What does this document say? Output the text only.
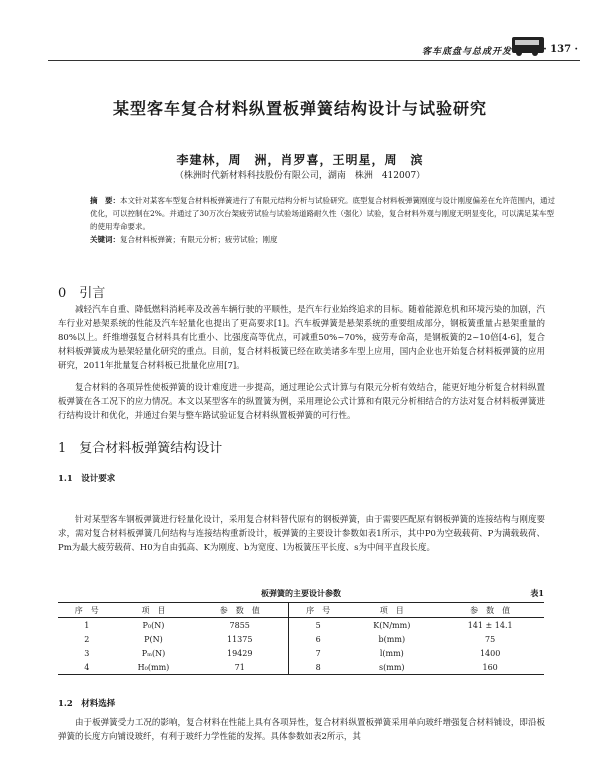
客车底盘与总成开发	· 137 ·
某型客车复合材料纵置板弹簧结构设计与试验研究
李建林，周　洲，肖罗喜，王明星，周　滨
（株洲时代新材料科技股份有限公司，湖南　株洲　412007）
摘　要：本文针对某客车型复合材料板弹簧进行了有限元结构分析与试验研究。底型复合材料板弹簧刚度与设计刚度偏差在允许范围内，通过优化，可以控制在2%。并通过了30万次台架疲劳试验与试验场道路耐久性（强化）试验，复合材料外观与刚度无明显变化，可以满足某车型的使用寿命要求。
关键词：复合材料板弹簧；有限元分析；疲劳试验；刚度
0　引言
减轻汽车自重、降低燃料消耗率及改善车辆行驶的平顺性，是汽车行业始终追求的目标。随着能源危机和环境污染的加剧，汽车行业对悬架系统的性能及汽车轻量化也提出了更高要求[1]。汽车板弹簧是悬架系统的重要组成部分，钢板簧重量占悬架重量的80%以上。纤维增强复合材料具有比重小、比强度高等优点，可减重50%~70%，疲劳寿命高，是钢板簧的2~10倍[4-6]，复合材料板弹簧成为悬架轻量化研究的重点。目前，复合材料板簧已经在欧美诸多车型上应用，国内企业也开始复合材料板弹簧的应用研究，2011年批量复合材料板已批量化应用[7]。
复合材料的各项异性使板弹簧的设计难度进一步提高，通过理论公式计算与有限元分析有效结合，能更好地分析复合材料纵置板弹簧在各工况下的应力情况。本文以某型客车的纵置簧为例，采用理论公式计算和有限元分析相结合的方法对复合材料板弹簧进行结构设计和优化，并通过台架与整车路试验证复合材料纵置板弹簧的可行性。
1　复合材料板弹簧结构设计
1.1　设计要求
针对某型客车钢板弹簧进行轻量化设计，采用复合材料替代原有的钢板弹簧，由于需要匹配原有钢板弹簧的连接结构与刚度要求，需对复合材料板弹簧几何结构与连接结构重新设计，板弹簧的主要设计参数如表1所示，其中P0为空载载荷、P为满载载荷、Pm为最大疲劳载荷、H0为自由弧高、K为刚度、b为宽度、l为板簧压平长度、s为中间平直段长度。
板弹簧的主要设计参数	表1
序　号	项　目	参　数　值	序　号	项　目	参　数　值
1	P₀(N)	7855	5	K(N/mm)	141 ± 14.1
2	P(N)	11375	6	b(mm)	75
3	Pₘ(N)	19429	7	l(mm)	1400
4	H₀(mm)	71	8	s(mm)	160
1.2　材料选择
由于板弹簧受力工况的影响，复合材料在性能上具有各项异性，复合材料纵置板弹簧采用单向玻纤增强复合材料铺设，即沿板弹簧的长度方向铺设玻纤，有利于玻纤力学性能的发挥。具体参数如表2所示，其
